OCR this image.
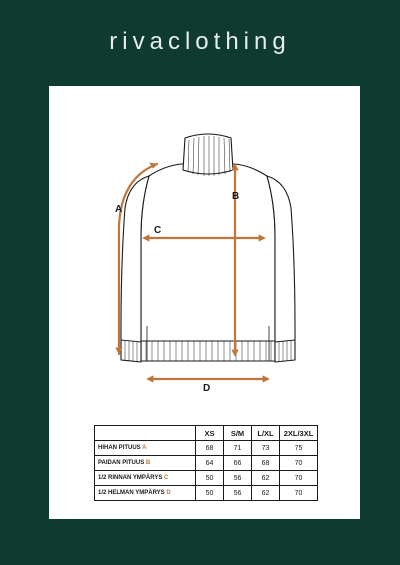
rivaclothing
A
B
C
D
	XS	S/M	L/XL	2XL/3XL
HIHAN PITUUS A	68	71	73	75
PAIDAN PITUUS B	64	66	68	70
1/2 RINNAN YMPÄRYS C	50	56	62	70
1/2 HELMAN YMPÄRYS D	50	56	62	70
